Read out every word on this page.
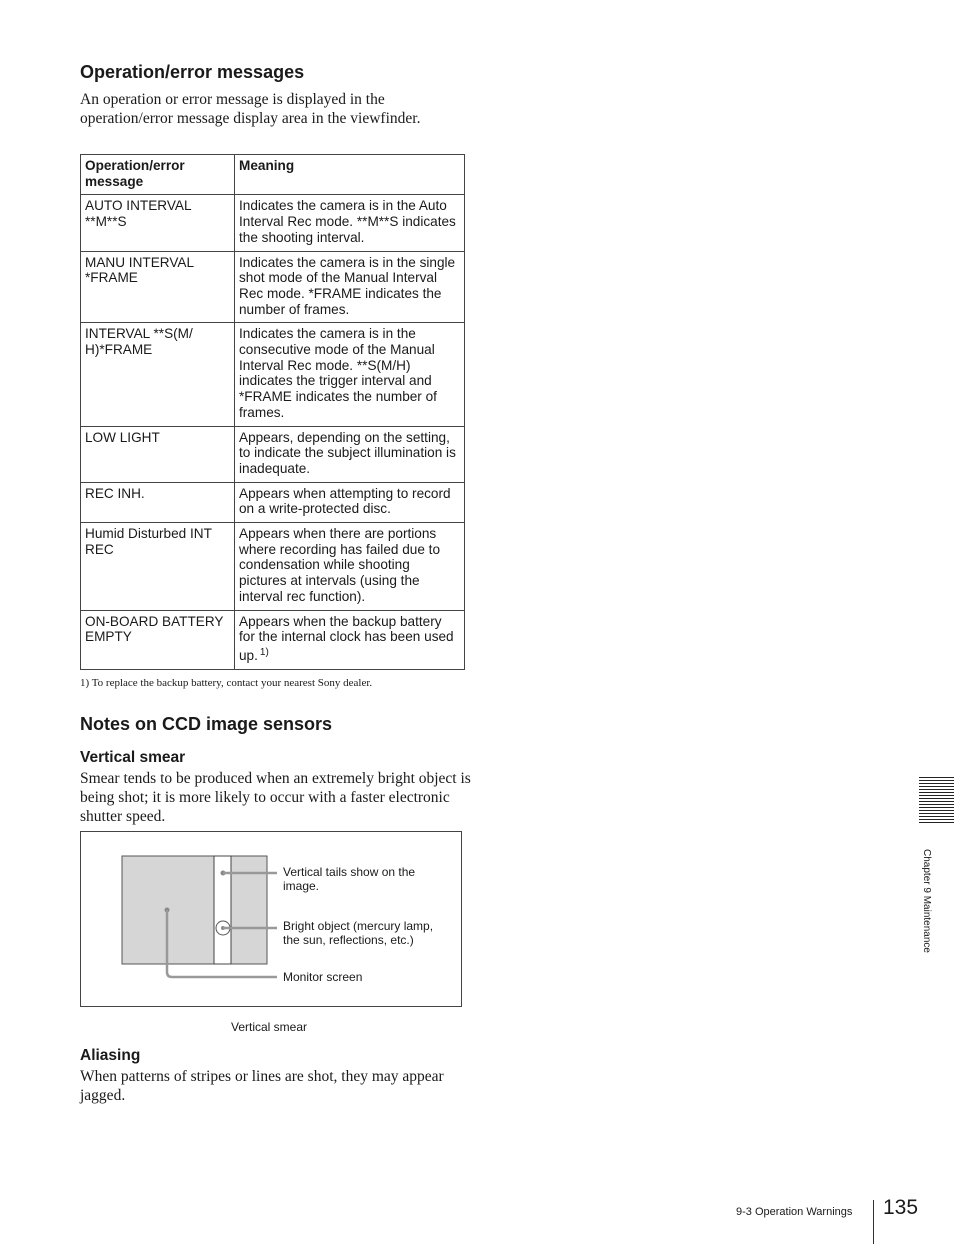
Operation/error messages

An operation or error message is displayed in the operation/error message display area in the viewfinder.

Operation/error message	Meaning
AUTO INTERVAL **M**S	Indicates the camera is in the Auto Interval Rec mode. **M**S indicates the shooting interval.
MANU INTERVAL *FRAME	Indicates the camera is in the single shot mode of the Manual Interval Rec mode. *FRAME indicates the number of frames.
INTERVAL **S(M/ H)*FRAME	Indicates the camera is in the consecutive mode of the Manual Interval Rec mode. **S(M/H) indicates the trigger interval and *FRAME indicates the number of frames.
LOW LIGHT	Appears, depending on the setting, to indicate the subject illumination is inadequate.
REC INH.	Appears when attempting to record on a write-protected disc.
Humid Disturbed INT REC	Appears when there are portions where recording has failed due to condensation while shooting pictures at intervals (using the interval rec function).
ON-BOARD BATTERY EMPTY	Appears when the backup battery for the internal clock has been used up. $^{1)}$

1) To replace the backup battery, contact your nearest Sony dealer.

Notes on CCD image sensors
Vertical smear

Smear tends to be produced when an extremely bright object is being shot; it is more likely to occur with a faster electronic shutter speed.

Vertical tails show on the image.
Bright object (mercury lamp, the sun, reflections, etc.)
Monitor screen
Vertical smear
Aliasing

When patterns of stripes or lines are shot, they may appear jagged.

Chapter 9 Maintenance
9-3 Operation Warnings 135
